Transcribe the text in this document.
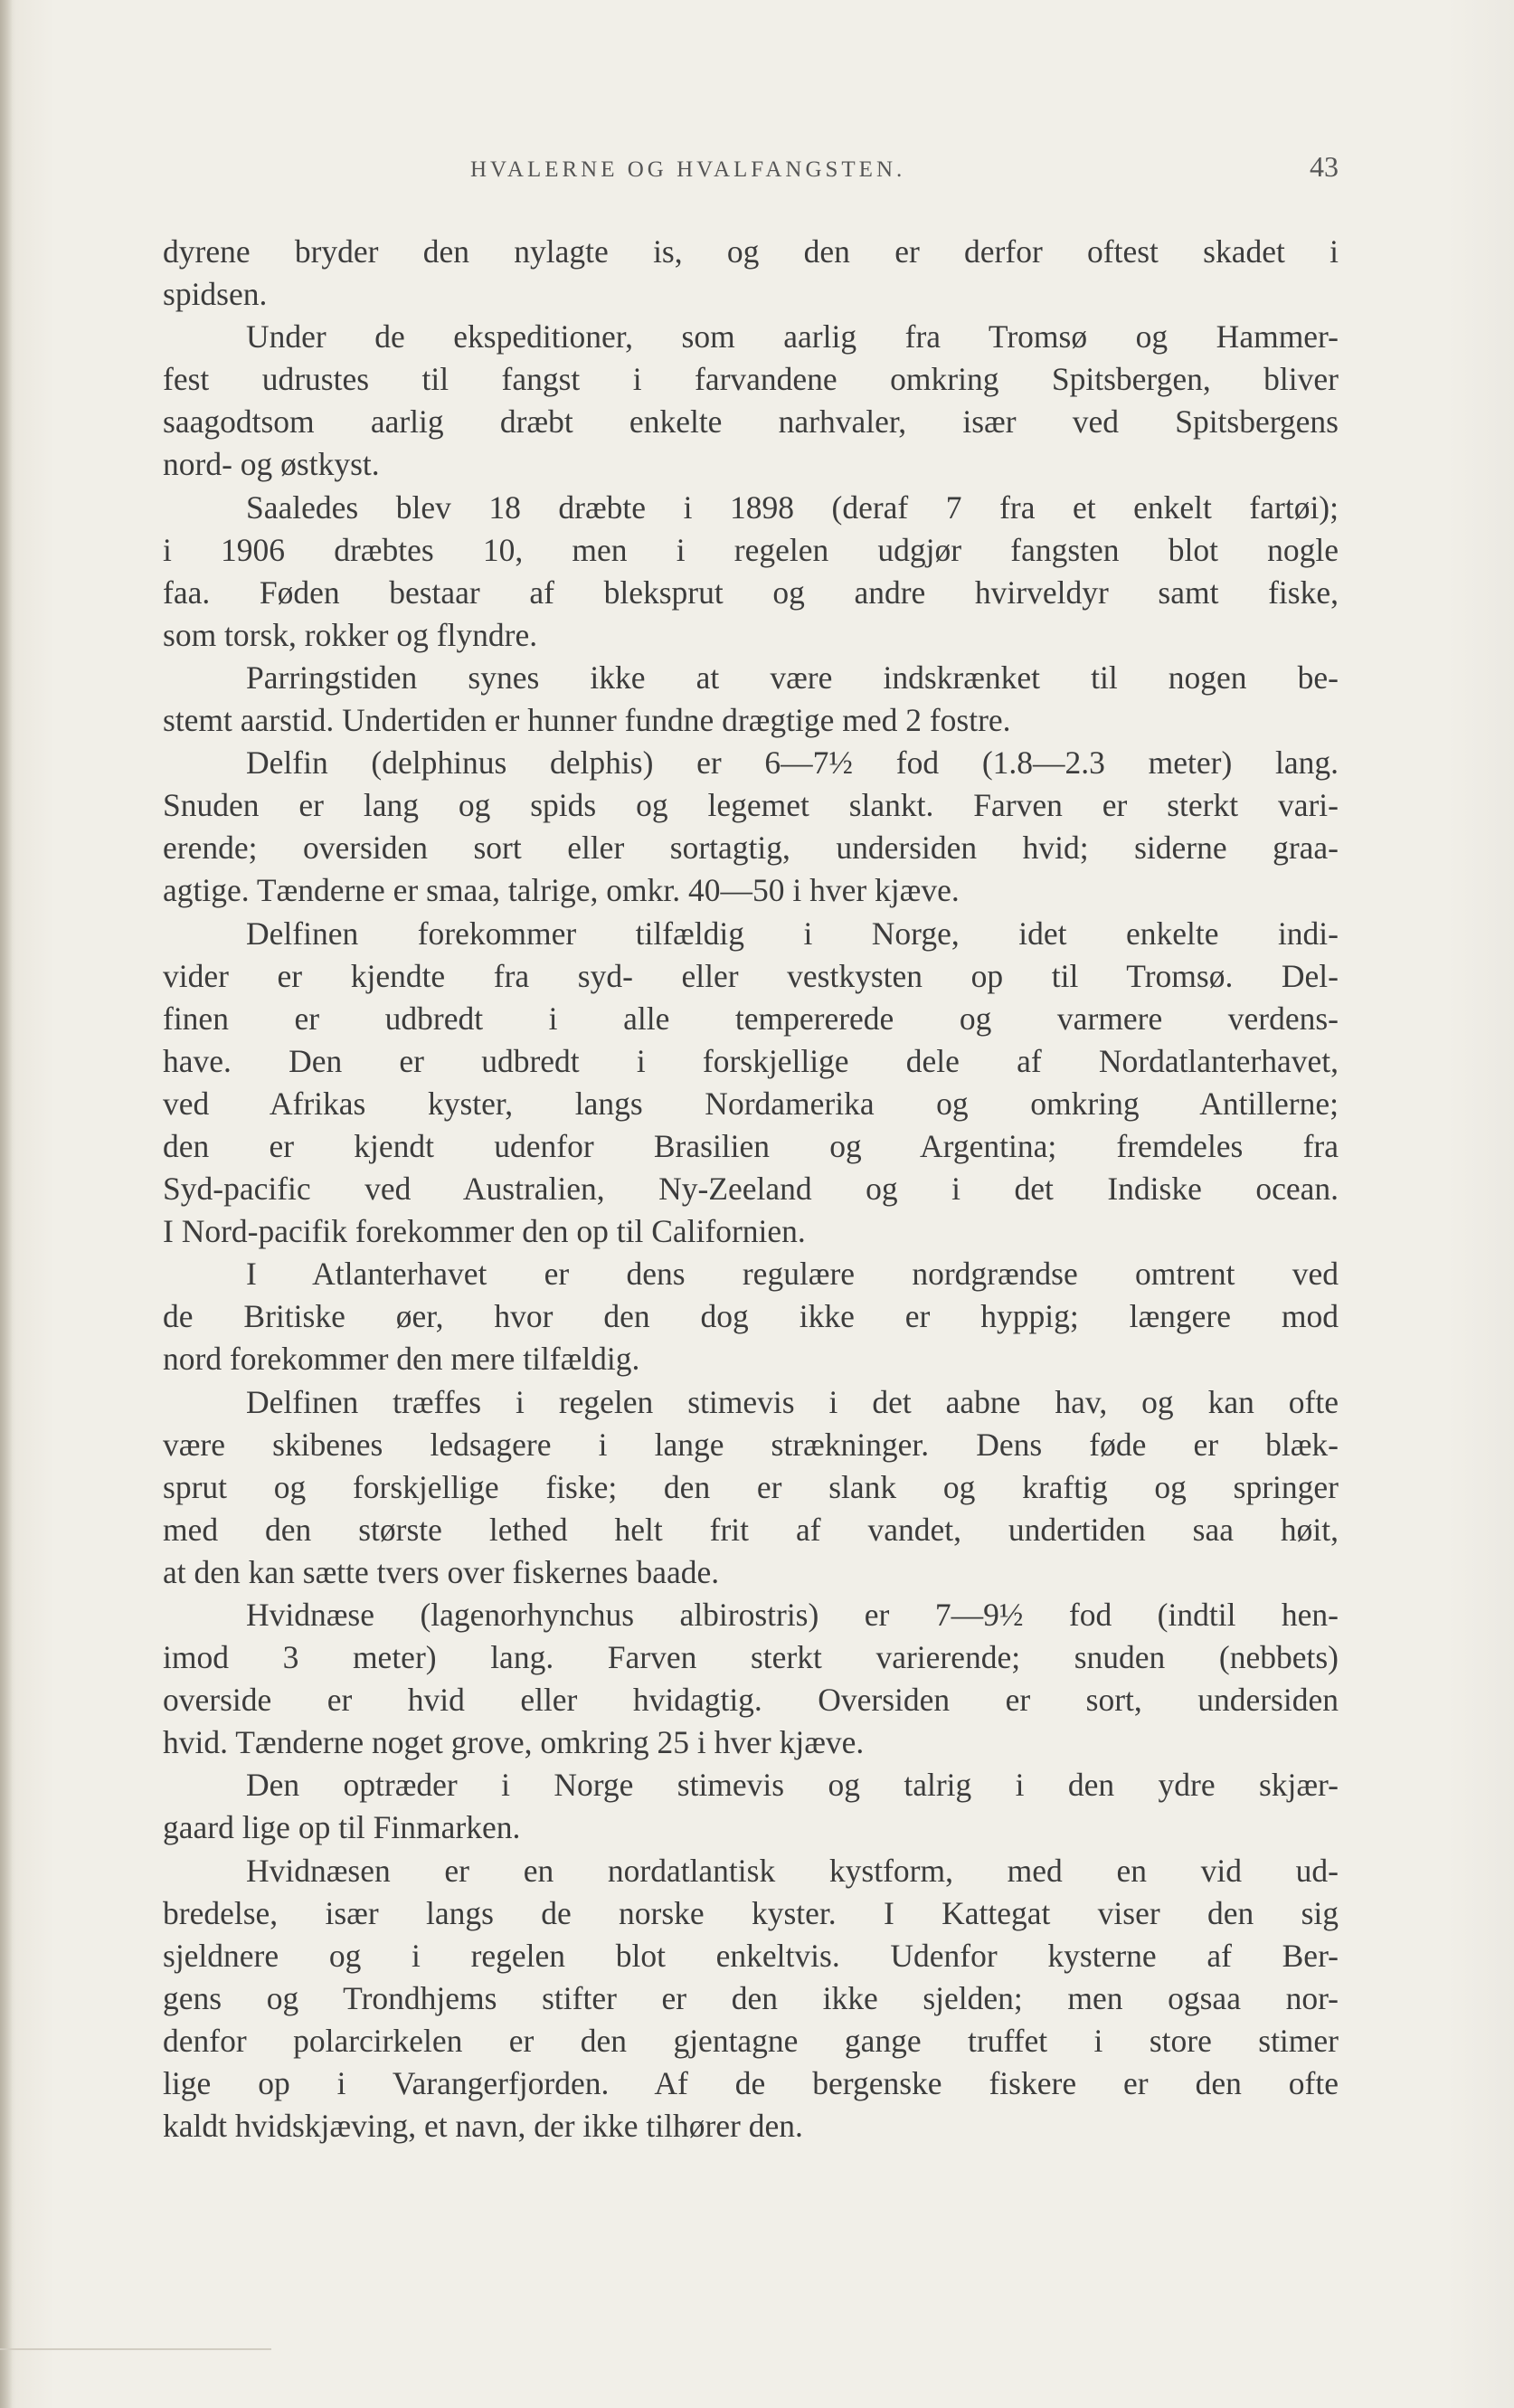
HVALERNE OG HVALFANGSTEN.	43
dyrene bryder den nylagte is, og den er derfor oftest skadet i
spidsen.
Under de ekspeditioner, som aarlig fra Tromsø og Hammer-
fest udrustes til fangst i farvandene omkring Spitsbergen, bliver
saagodtsom aarlig dræbt enkelte narhvaler, især ved Spitsbergens
nord- og østkyst.
Saaledes blev 18 dræbte i 1898 (deraf 7 fra et enkelt fartøi);
i 1906 dræbtes 10, men i regelen udgjør fangsten blot nogle
faa. Føden bestaar af bleksprut og andre hvirveldyr samt fiske,
som torsk, rokker og flyndre.
Parringstiden synes ikke at være indskrænket til nogen be-
stemt aarstid. Undertiden er hunner fundne drægtige med 2 fostre.
Delfin (delphinus delphis) er 6—7½ fod (1.8—2.3 meter) lang.
Snuden er lang og spids og legemet slankt. Farven er sterkt vari-
erende; oversiden sort eller sortagtig, undersiden hvid; siderne graa-
agtige. Tænderne er smaa, talrige, omkr. 40—50 i hver kjæve.
Delfinen forekommer tilfældig i Norge, idet enkelte indi-
vider er kjendte fra syd- eller vestkysten op til Tromsø. Del-
finen er udbredt i alle tempererede og varmere verdens-
have. Den er udbredt i forskjellige dele af Nordatlanterhavet,
ved Afrikas kyster, langs Nordamerika og omkring Antillerne;
den er kjendt udenfor Brasilien og Argentina; fremdeles fra
Syd-pacific ved Australien, Ny-Zeeland og i det Indiske ocean.
I Nord-pacifik forekommer den op til Californien.
I Atlanterhavet er dens regulære nordgrændse omtrent ved
de Britiske øer, hvor den dog ikke er hyppig; længere mod
nord forekommer den mere tilfældig.
Delfinen træffes i regelen stimevis i det aabne hav, og kan ofte
være skibenes ledsagere i lange strækninger. Dens føde er blæk-
sprut og forskjellige fiske; den er slank og kraftig og springer
med den største lethed helt frit af vandet, undertiden saa høit,
at den kan sætte tvers over fiskernes baade.
Hvidnæse (lagenorhynchus albirostris) er 7—9½ fod (indtil hen-
imod 3 meter) lang. Farven sterkt varierende; snuden (nebbets)
overside er hvid eller hvidagtig. Oversiden er sort, undersiden
hvid. Tænderne noget grove, omkring 25 i hver kjæve.
Den optræder i Norge stimevis og talrig i den ydre skjær-
gaard lige op til Finmarken.
Hvidnæsen er en nordatlantisk kystform, med en vid ud-
bredelse, især langs de norske kyster. I Kattegat viser den sig
sjeldnere og i regelen blot enkeltvis. Udenfor kysterne af Ber-
gens og Trondhjems stifter er den ikke sjelden; men ogsaa nor-
denfor polarcirkelen er den gjentagne gange truffet i store stimer
lige op i Varangerfjorden. Af de bergenske fiskere er den ofte
kaldt hvidskjæving, et navn, der ikke tilhører den.
